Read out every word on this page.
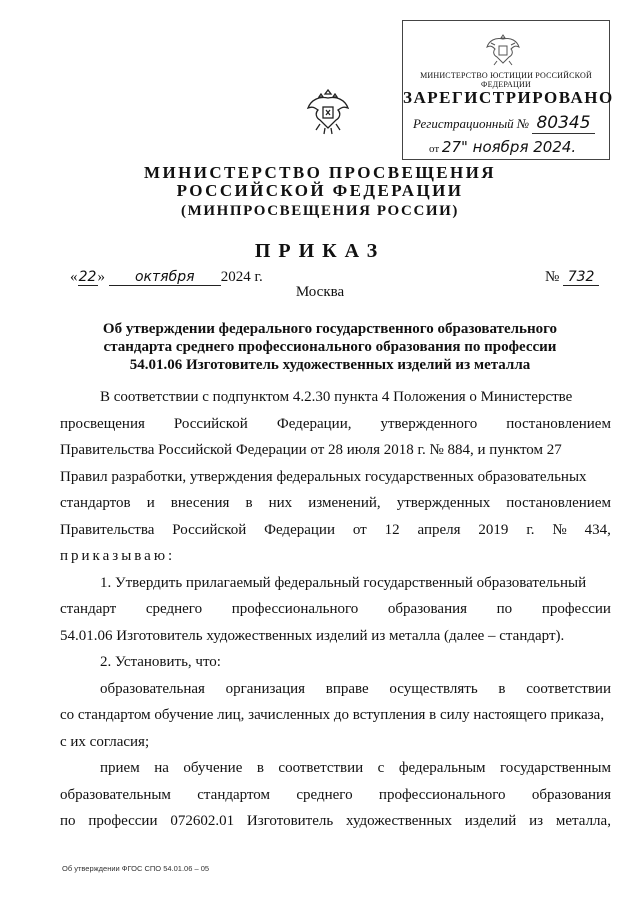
МИНИСТЕРСТВО ЮСТИЦИИ РОССИЙСКОЙ ФЕДЕРАЦИИ
ЗАРЕГИСТРИРОВАНО
Регистрационный № 80345
от 27" ноября 2024.
МИНИСТЕРСТВО ПРОСВЕЩЕНИЯ
РОССИЙСКОЙ ФЕДЕРАЦИИ
(МИНПРОСВЕЩЕНИЯ РОССИИ)
ПРИКАЗ
«22» октября 2024 г.
Москва
№ 732
Об утверждении федерального государственного образовательного
стандарта среднего профессионального образования по профессии
54.01.06 Изготовитель художественных изделий из металла
В соответствии с подпунктом 4.2.30 пункта 4 Положения о Министерстве
просвещения Российской Федерации, утвержденного постановлением
Правительства Российской Федерации от 28 июля 2018 г. № 884, и пунктом 27
Правил разработки, утверждения федеральных государственных образовательных
стандартов и внесения в них изменений, утвержденных постановлением
Правительства Российской Федерации от 12 апреля 2019 г. № 434,
приказываю:
1. Утвердить прилагаемый федеральный государственный образовательный
стандарт среднего профессионального образования по профессии
54.01.06 Изготовитель художественных изделий из металла (далее – стандарт).
2. Установить, что:
образовательная организация вправе осуществлять в соответствии
со стандартом обучение лиц, зачисленных до вступления в силу настоящего приказа,
с их согласия;
прием на обучение в соответствии с федеральным государственным
образовательным стандартом среднего профессионального образования
по профессии 072602.01 Изготовитель художественных изделий из металла,
Об утверждении ФГОС СПО 54.01.06 – 05
